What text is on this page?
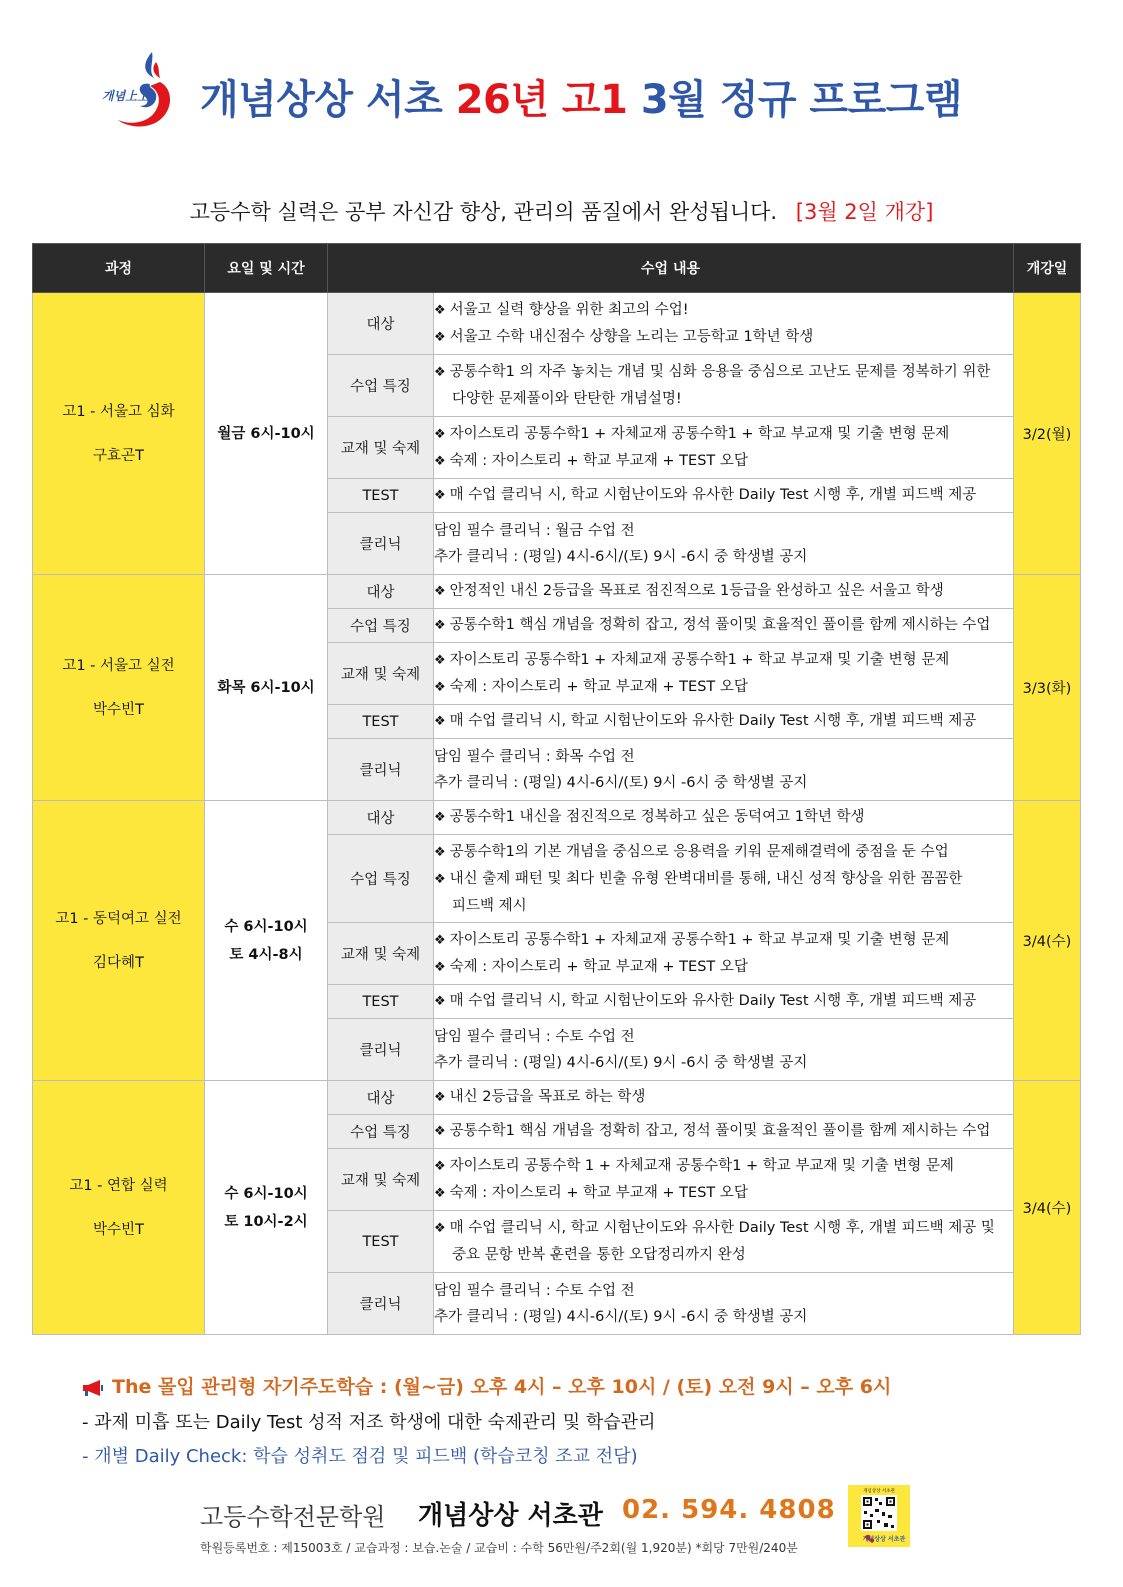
개념上上 개념상상 서초 26년 고1 3월 정규 프로그램
고등수학 실력은 공부 자신감 향상, 관리의 품질에서 완성됩니다. [3월 2일 개강]
과정	요일 및 시간	수업 내용		개강일

고1 - 서울고 심화
구효곤T	월금 6시-10시	대상	❖ 서울고 실력 향상을 위한 최고의 수업!
❖ 서울고 수학 내신점수 상향을 노리는 고등학교 1학년 학생	3/2(월)
		수업 특징	❖ 공통수학1 의 자주 놓치는 개념 및 심화 응용을 중심으로 고난도 문제를 정복하기 위한
다양한 문제풀이와 탄탄한 개념설명!	

		교재 및 숙제	❖ 자이스토리 공통수학1 + 자체교재 공통수학1 + 학교 부교재 및 기출 변형 문제
❖ 숙제 : 자이스토리 + 학교 부교재 + TEST 오답	

		TEST	❖ 매 수업 클리닉 시, 학교 시험난이도와 유사한 Daily Test 시행 후, 개별 피드백 제공	

		클리닉	담임 필수 클리닉 : 월금 수업 전
추가 클리닉 : (평일) 4시-6시/(토) 9시 -6시 중 학생별 공지	

고1 - 서울고 실전
박수빈T	화목 6시-10시	대상	❖ 안정적인 내신 2등급을 목표로 점진적으로 1등급을 완성하고 싶은 서울고 학생	3/3(화)
		수업 특징	❖ 공통수학1 핵심 개념을 정확히 잡고, 정석 풀이및 효율적인 풀이를 함께 제시하는 수업	

		교재 및 숙제	❖ 자이스토리 공통수학1 + 자체교재 공통수학1 + 학교 부교재 및 기출 변형 문제
❖ 숙제 : 자이스토리 + 학교 부교재 + TEST 오답	

		TEST	❖ 매 수업 클리닉 시, 학교 시험난이도와 유사한 Daily Test 시행 후, 개별 피드백 제공	

		클리닉	담임 필수 클리닉 : 화목 수업 전
추가 클리닉 : (평일) 4시-6시/(토) 9시 -6시 중 학생별 공지	

고1 - 동덕여고 실전
김다혜T	수 6시-10시
토 4시-8시	대상	❖ 공통수학1 내신을 점진적으로 정복하고 싶은 동덕여고 1학년 학생	3/4(수)
		수업 특징	❖ 공통수학1의 기본 개념을 중심으로 응용력을 키워 문제해결력에 중점을 둔 수업
❖ 내신 출제 패턴 및 최다 빈출 유형 완벽대비를 통해, 내신 성적 향상을 위한 꼼꼼한
피드백 제시	

		교재 및 숙제	❖ 자이스토리 공통수학1 + 자체교재 공통수학1 + 학교 부교재 및 기출 변형 문제
❖ 숙제 : 자이스토리 + 학교 부교재 + TEST 오답	

		TEST	❖ 매 수업 클리닉 시, 학교 시험난이도와 유사한 Daily Test 시행 후, 개별 피드백 제공	

		클리닉	담임 필수 클리닉 : 수토 수업 전
추가 클리닉 : (평일) 4시-6시/(토) 9시 -6시 중 학생별 공지	

고1 - 연합 실력
박수빈T	수 6시-10시
토 10시-2시	대상	❖ 내신 2등급을 목표로 하는 학생	3/4(수)
		수업 특징	❖ 공통수학1 핵심 개념을 정확히 잡고, 정석 풀이및 효율적인 풀이를 함께 제시하는 수업	

		교재 및 숙제	❖ 자이스토리 공통수학 1 + 자체교재 공통수학1 + 학교 부교재 및 기출 변형 문제
❖ 숙제 : 자이스토리 + 학교 부교재 + TEST 오답	

		TEST	❖ 매 수업 클리닉 시, 학교 시험난이도와 유사한 Daily Test 시행 후, 개별 피드백 제공 및
중요 문항 반복 훈련을 통한 오답정리까지 완성	

		클리닉	담임 필수 클리닉 : 수토 수업 전
추가 클리닉 : (평일) 4시-6시/(토) 9시 -6시 중 학생별 공지	
The 몰입 관리형 자기주도학습 : (월~금) 오후 4시 – 오후 10시 / (토) 오전 9시 – 오후 6시
- 과제 미흡 또는 Daily Test 성적 저조 학생에 대한 숙제관리 및 학습관리
- 개별 Daily Check: 학습 성취도 점검 및 피드백 (학습코칭 조교 전담)
고등수학전문학원 개념상상 서초관 02. 594. 4808
학원등록번호 : 제15003호 / 교습과정 : 보습.논술 / 교습비 : 수학 56만원/주2회(월 1,920분) *회당 7만원/240분
개념상상 서초관
개념상상 서초관
